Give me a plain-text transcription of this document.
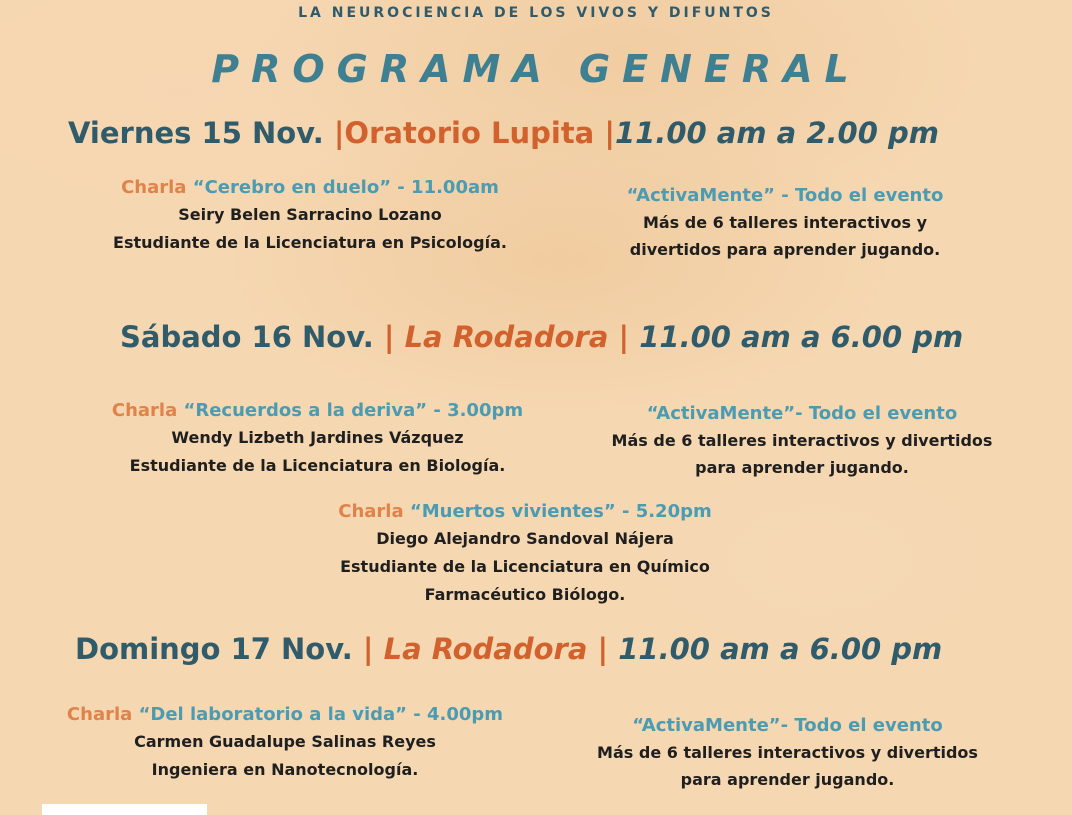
LA NEUROCIENCIA DE LOS VIVOS Y DIFUNTOS
PROGRAMA GENERAL
Viernes 15 Nov. |Oratorio Lupita |11.00 am a 2.00 pm
Charla “Cerebro en duelo” - 11.00am
Seiry Belen Sarracino Lozano
Estudiante de la Licenciatura en Psicología.
“ActivaMente” - Todo el evento
Más de 6 talleres interactivos y
divertidos para aprender jugando.
Sábado 16 Nov. | La Rodadora | 11.00 am a 6.00 pm
Charla “Recuerdos a la deriva” - 3.00pm
Wendy Lizbeth Jardines Vázquez
Estudiante de la Licenciatura en Biología.
“ActivaMente”- Todo el evento
Más de 6 talleres interactivos y divertidos
para aprender jugando.
Charla “Muertos vivientes” - 5.20pm
Diego Alejandro Sandoval Nájera
Estudiante de la Licenciatura en Químico
Farmacéutico Biólogo.
Domingo 17 Nov. | La Rodadora | 11.00 am a 6.00 pm
Charla “Del laboratorio a la vida” - 4.00pm
Carmen Guadalupe Salinas Reyes
Ingeniera en Nanotecnología.
“ActivaMente”- Todo el evento
Más de 6 talleres interactivos y divertidos
para aprender jugando.
